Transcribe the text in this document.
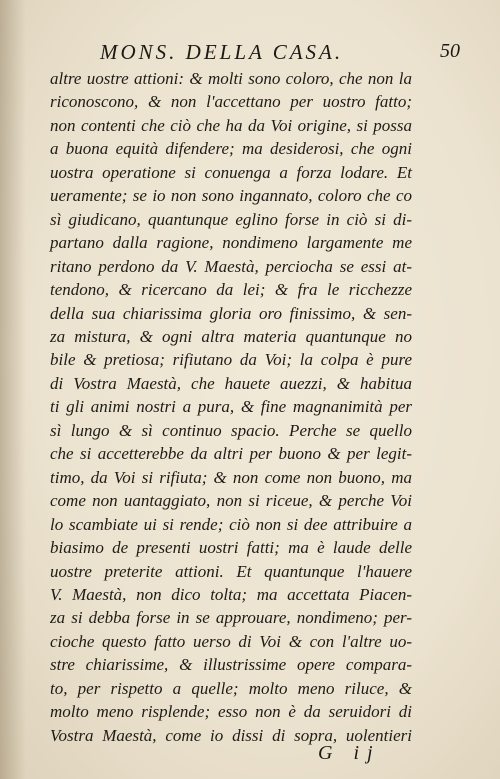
MONS. DELLA CASA.	50
altre uostre attioni: & molti sono coloro, che non la
riconoscono, & non l'accettano per uostro fatto;
non contenti che ciò che ha da Voi origine, si possa
a buona equità difendere; ma desiderosi, che ogni
uostra operatione si conuenga a forza lodare. Et
ueramente; se io non sono ingannato, coloro che co
sì giudicano, quantunque eglino forse in ciò si di-
partano dalla ragione, nondimeno largamente me
ritano perdono da V. Maestà, perciocha se essi at-
tendono, & ricercano da lei; & fra le ricchezze
della sua chiarissima gloria oro finissimo, & sen-
za mistura, & ogni altra materia quantunque no
bile & pretiosa; rifiutano da Voi; la colpa è pure
di Vostra Maestà, che hauete auezzi, & habitua
ti gli animi nostri a pura, & fine magnanimità per
sì lungo & sì continuo spacio. Perche se quello
che si accetterebbe da altri per buono & per legit-
timo, da Voi si rifiuta; & non come non buono, ma
come non uantaggiato, non si riceue, & perche Voi
lo scambiate ui si rende; ciò non si dee attribuire a
biasimo de presenti uostri fatti; ma è laude delle
uostre preterite attioni. Et quantunque l'hauere
V. Maestà, non dico tolta; ma accettata Piacen-
za si debba forse in se approuare, nondimeno; per-
cioche questo fatto uerso di Voi & con l'altre uo-
stre chiarissime, & illustrissime opere compara-
to, per rispetto a quelle; molto meno riluce, &
molto meno risplende; esso non è da seruidori di
Vostra Maestà, come io dissi di sopra, uolentieri
G ij
